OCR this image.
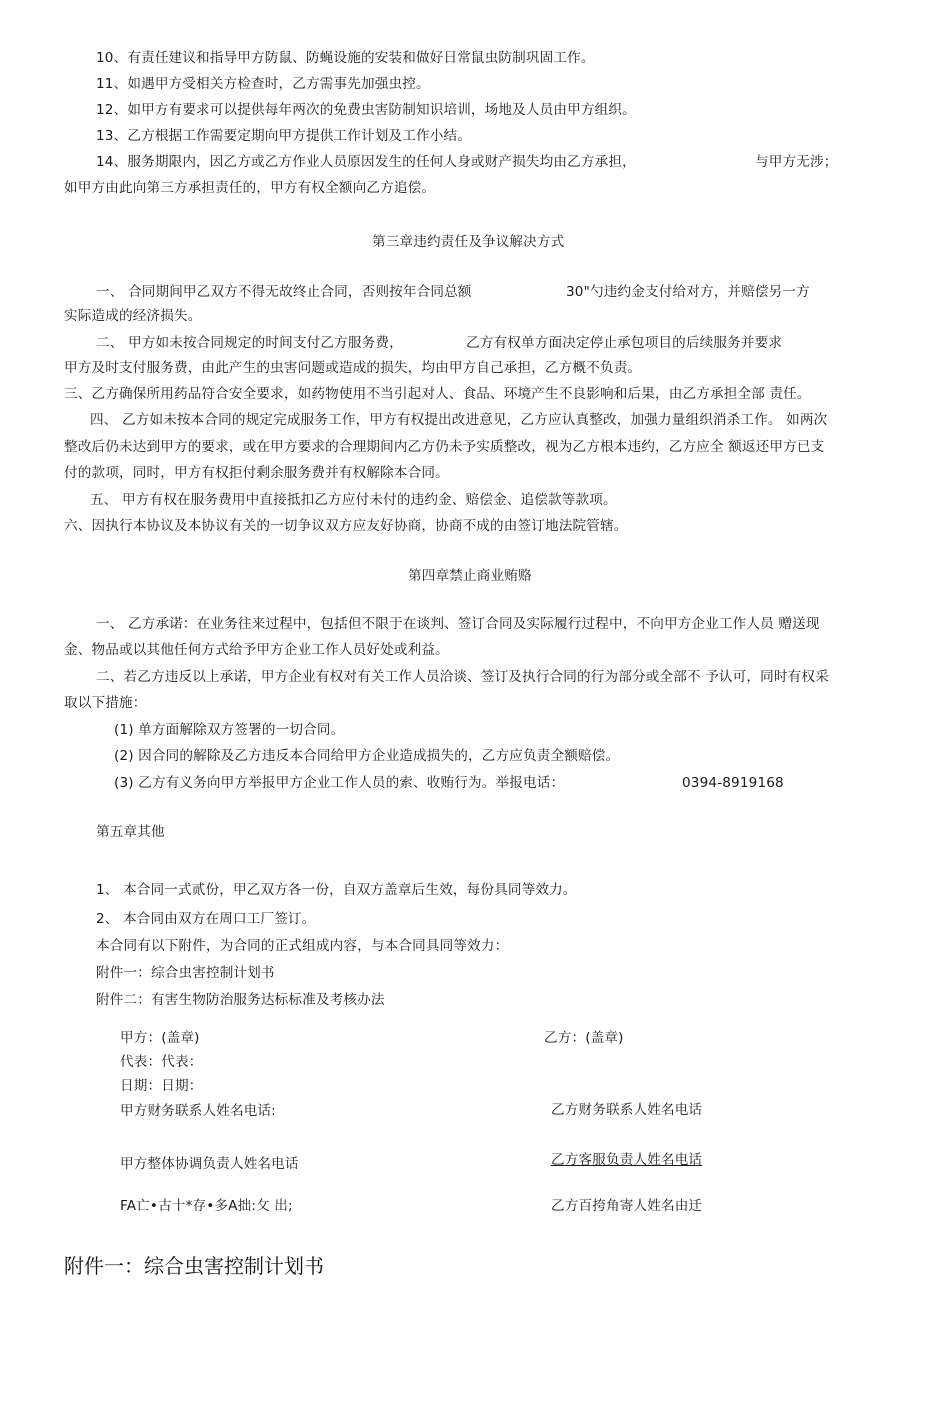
10、有责任建议和指导甲方防鼠、防蝇设施的安装和做好日常鼠虫防制巩固工作。
11、如遇甲方受相关方检查时，乙方需事先加强虫控。
12、如甲方有要求可以提供每年两次的免费虫害防制知识培训，场地及人员由甲方组织。
13、乙方根据工作需要定期向甲方提供工作计划及工作小结。
14、服务期限内，因乙方或乙方作业人员原因发生的任何人身或财产损失均由乙方承担，	与甲方无涉；
如甲方由此向第三方承担责任的，甲方有权全额向乙方追偿。
第三章违约责任及争议解决方式
一、 合同期间甲乙双方不得无故终止合同，否则按年合同总额	30"勺违约金支付给对方，并赔偿另一方
实际造成的经济损失。
二、 甲方如未按合同规定的时间支付乙方服务费，	乙方有权单方面决定停止承包项目的后续服务并要求
甲方及时支付服务费，由此产生的虫害问题或造成的损失，均由甲方自己承担，乙方概不负责。
三、乙方确保所用药品符合安全要求，如药物使用不当引起对人、食品、环境产生不良影响和后果，由乙方承担全部 责任。
四、 乙方如未按本合同的规定完成服务工作，甲方有权提出改进意见，乙方应认真整改，加强力量组织消杀工作。 如两次
整改后仍未达到甲方的要求，或在甲方要求的合理期间内乙方仍未予实质整改，视为乙方根本违约，乙方应全 额返还甲方已支
付的款项，同时，甲方有权拒付剩余服务费并有权解除本合同。
五、 甲方有权在服务费用中直接抵扣乙方应付未付的违约金、赔偿金、追偿款等款项。
六、因执行本协议及本协议有关的一切争议双方应友好协商，协商不成的由签订地法院管辖。
第四章禁止商业贿赂
一、 乙方承诺：在业务往来过程中，包括但不限于在谈判、签订合同及实际履行过程中，不向甲方企业工作人员 赠送现
金、物品或以其他任何方式给予甲方企业工作人员好处或利益。
二、若乙方违反以上承诺，甲方企业有权对有关工作人员洽谈、签订及执行合同的行为部分或全部不 予认可，同时有权采
取以下措施：
(1) 单方面解除双方签署的一切合同。
(2) 因合同的解除及乙方违反本合同给甲方企业造成损失的，乙方应负责全额赔偿。
(3) 乙方有义务向甲方举报甲方企业工作人员的索、收贿行为。举报电话：	0394-8919168
第五章其他
1、 本合同一式贰份，甲乙双方各一份，自双方盖章后生效，每份具同等效力。
2、 本合同由双方在周口工厂签订。
本合同有以下附件，为合同的正式组成内容，与本合同具同等效力：
附件一：综合虫害控制计划书
附件二：有害生物防治服务达标标准及考核办法
甲方：(盖章)	乙方：(盖章)
代表：代表：
日期：日期：
甲方财务联系人姓名电话:	乙方财务联系人姓名电话
甲方整体协调负责人姓名电话	乙方客服负责人姓名电话
FA亡•古十*存•多A拙:攵 出;	乙方百挎角寄人姓名由迁
附件一：综合虫害控制计划书
